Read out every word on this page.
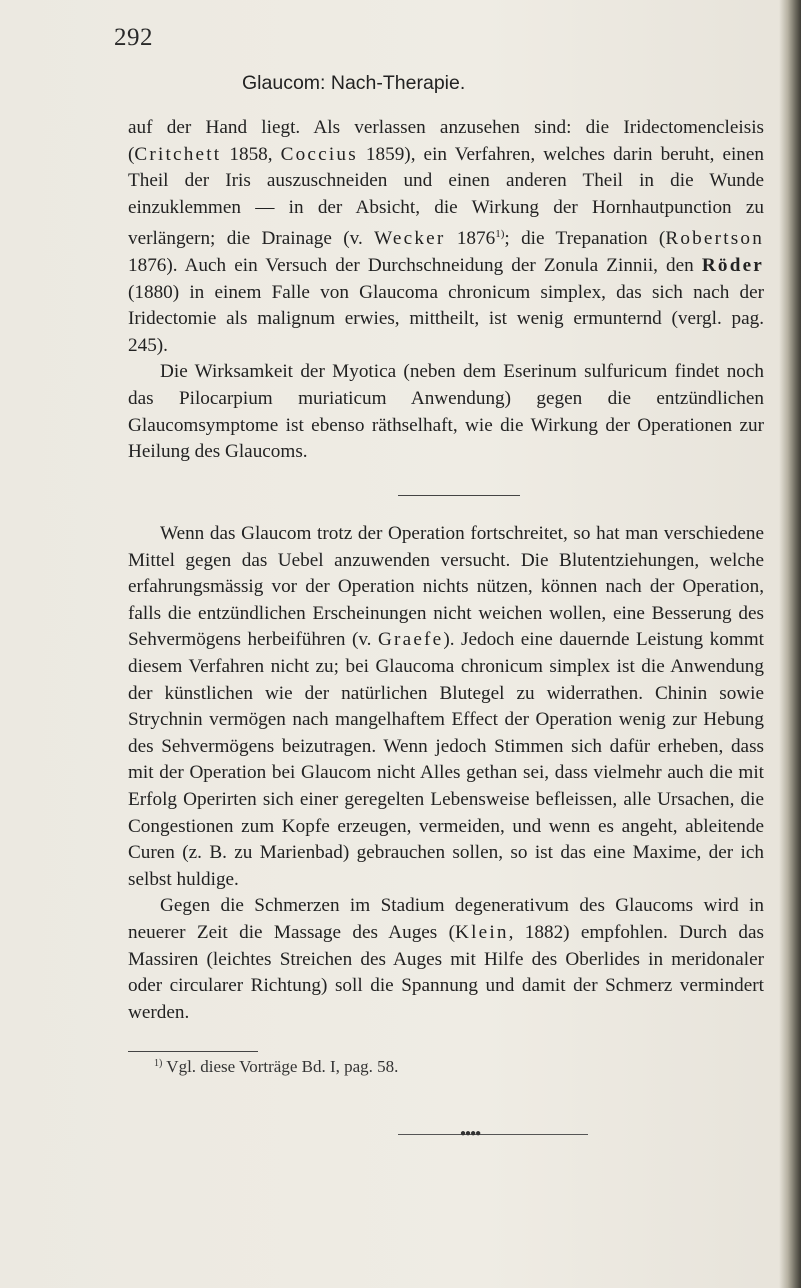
292
Glaucom: Nach-Therapie.

auf der Hand liegt. Als verlassen anzusehen sind: die Iridectomencleisis (Critchett 1858, Coccius 1859), ein Verfahren, welches darin beruht, einen Theil der Iris auszuschneiden und einen anderen Theil in die Wunde einzuklemmen — in der Absicht, die Wirkung der Hornhautpunction zu verlängern; die Drainage (v. Wecker 1876$^{1)}$; die Trepanation (Robertson 1876). Auch ein Versuch der Durchschneidung der Zonula Zinnii, den Röder (1880) in einem Falle von Glaucoma chronicum simplex, das sich nach der Iridectomie als malignum erwies, mittheilt, ist wenig ermunternd (vergl. pag. 245).

Die Wirksamkeit der Myotica (neben dem Eserinum sulfuricum findet noch das Pilocarpium muriaticum Anwendung) gegen die entzündlichen Glaucomsymptome ist ebenso räthselhaft, wie die Wirkung der Operationen zur Heilung des Glaucoms.

Wenn das Glaucom trotz der Operation fortschreitet, so hat man verschiedene Mittel gegen das Uebel anzuwenden versucht. Die Blutentziehungen, welche erfahrungsmässig vor der Operation nichts nützen, können nach der Operation, falls die entzündlichen Erscheinungen nicht weichen wollen, eine Besserung des Sehvermögens herbeiführen (v. Graefe). Jedoch eine dauernde Leistung kommt diesem Verfahren nicht zu; bei Glaucoma chronicum simplex ist die Anwendung der künstlichen wie der natürlichen Blutegel zu widerrathen. Chinin sowie Strychnin vermögen nach mangelhaftem Effect der Operation wenig zur Hebung des Sehvermögens beizutragen. Wenn jedoch Stimmen sich dafür erheben, dass mit der Operation bei Glaucom nicht Alles gethan sei, dass vielmehr auch die mit Erfolg Operirten sich einer geregelten Lebensweise befleissen, alle Ursachen, die Congestionen zum Kopfe erzeugen, vermeiden, und wenn es angeht, ableitende Curen (z. B. zu Marienbad) gebrauchen sollen, so ist das eine Maxime, der ich selbst huldige.

Gegen die Schmerzen im Stadium degenerativum des Glaucoms wird in neuerer Zeit die Massage des Auges (Klein, 1882) empfohlen. Durch das Massiren (leichtes Streichen des Auges mit Hilfe des Oberlides in meridonaler oder circularer Richtung) soll die Spannung und damit der Schmerz vermindert werden.

$^{1)}$ Vgl. diese Vorträge Bd. I, pag. 58.
●●●●
